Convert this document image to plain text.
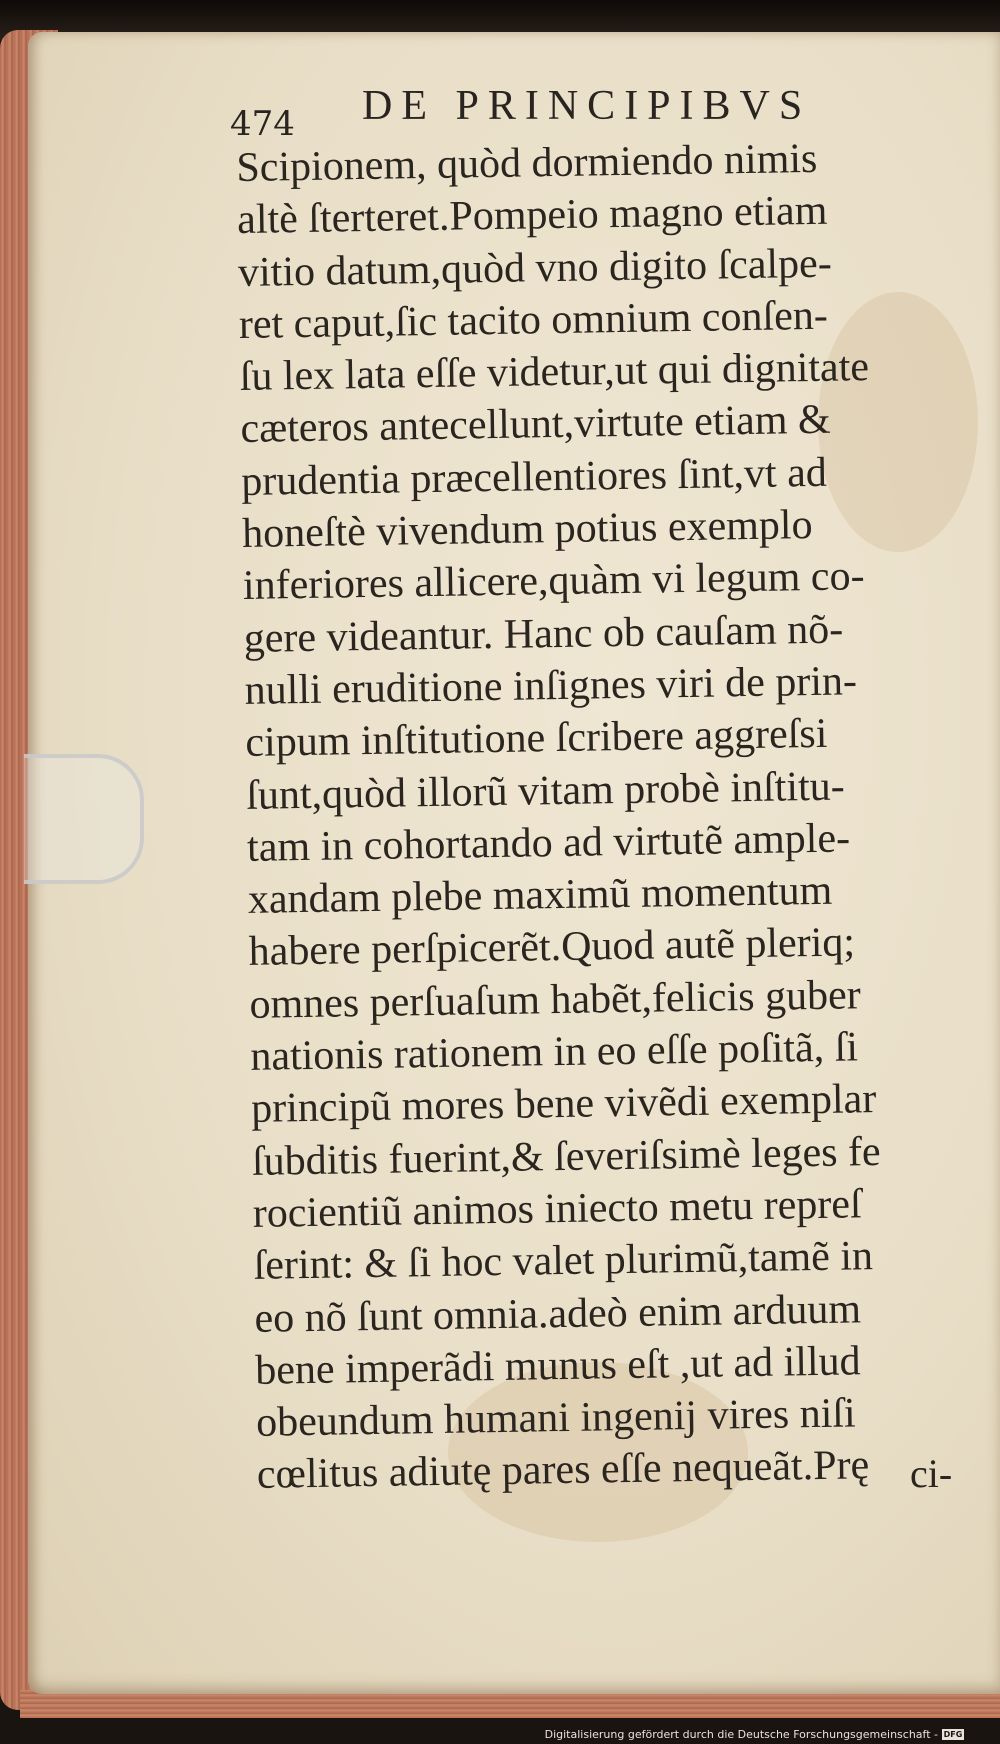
474 DE PRINCIPIBVS
Scipionem, quòd dormiendo nimis
altè ſterteret.Pompeio magno etiam
vitio datum,quòd vno digito ſcalpe-
ret caput,ſic tacito omnium conſen-
ſu lex lata eſſe videtur,ut qui dignitate
cæteros antecellunt,virtute etiam &
prudentia præcellentiores ſint,vt ad
honeſtè vivendum potius exemplo
inferiores allicere,quàm vi legum co-
gere videantur. Hanc ob cauſam nõ-
nulli eruditione inſignes viri de prin-
cipum inſtitutione ſcribere aggreſsi
ſunt,quòd illorũ vitam probè inſtitu-
tam in cohortando ad virtutẽ ample-
xandam plebe maximũ momentum
habere perſpicerẽt.Quod autẽ pleriq;
omnes perſuaſum habẽt,felicis guber
nationis rationem in eo eſſe poſitã, ſi
principũ mores bene vivẽdi exemplar
ſubditis fuerint,& ſeveriſsimè leges fe
rocientiũ animos iniecto metu repreſ
ſerint: & ſi hoc valet plurimũ,tamẽ in
eo nõ ſunt omnia.adeò enim arduum
bene imperãdi munus eſt ,ut ad illud
obeundum humani ingenij vires niſi
cœlitus adiutę pares eſſe nequeãt.Prę	ci-
Digitalisierung gefördert durch die Deutsche Forschungsgemeinschaft - DFG
